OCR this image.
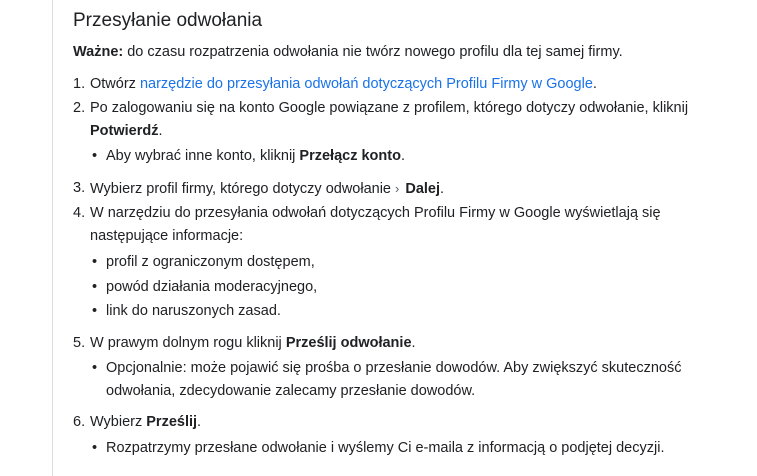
Przesyłanie odwołania
Ważne: do czasu rozpatrzenia odwołania nie twórz nowego profilu dla tej samej firmy.
1. Otwórz narzędzie do przesyłania odwołań dotyczących Profilu Firmy w Google.
2. Po zalogowaniu się na konto Google powiązane z profilem, którego dotyczy odwołanie, kliknij Potwierdź.
• Aby wybrać inne konto, kliknij Przełącz konto.
3. Wybierz profil firmy, którego dotyczy odwołanie › Dalej.
4. W narzędziu do przesyłania odwołań dotyczących Profilu Firmy w Google wyświetlają się następujące informacje:
• profil z ograniczonym dostępem,
• powód działania moderacyjnego,
• link do naruszonych zasad.
5. W prawym dolnym rogu kliknij Prześlij odwołanie.
• Opcjonalnie: może pojawić się prośba o przesłanie dowodów. Aby zwiększyć skuteczność odwołania, zdecydowanie zalecamy przesłanie dowodów.
6. Wybierz Prześlij.
• Rozpatrzymy przesłane odwołanie i wyślemy Ci e-maila z informacją o podjętej decyzji.
